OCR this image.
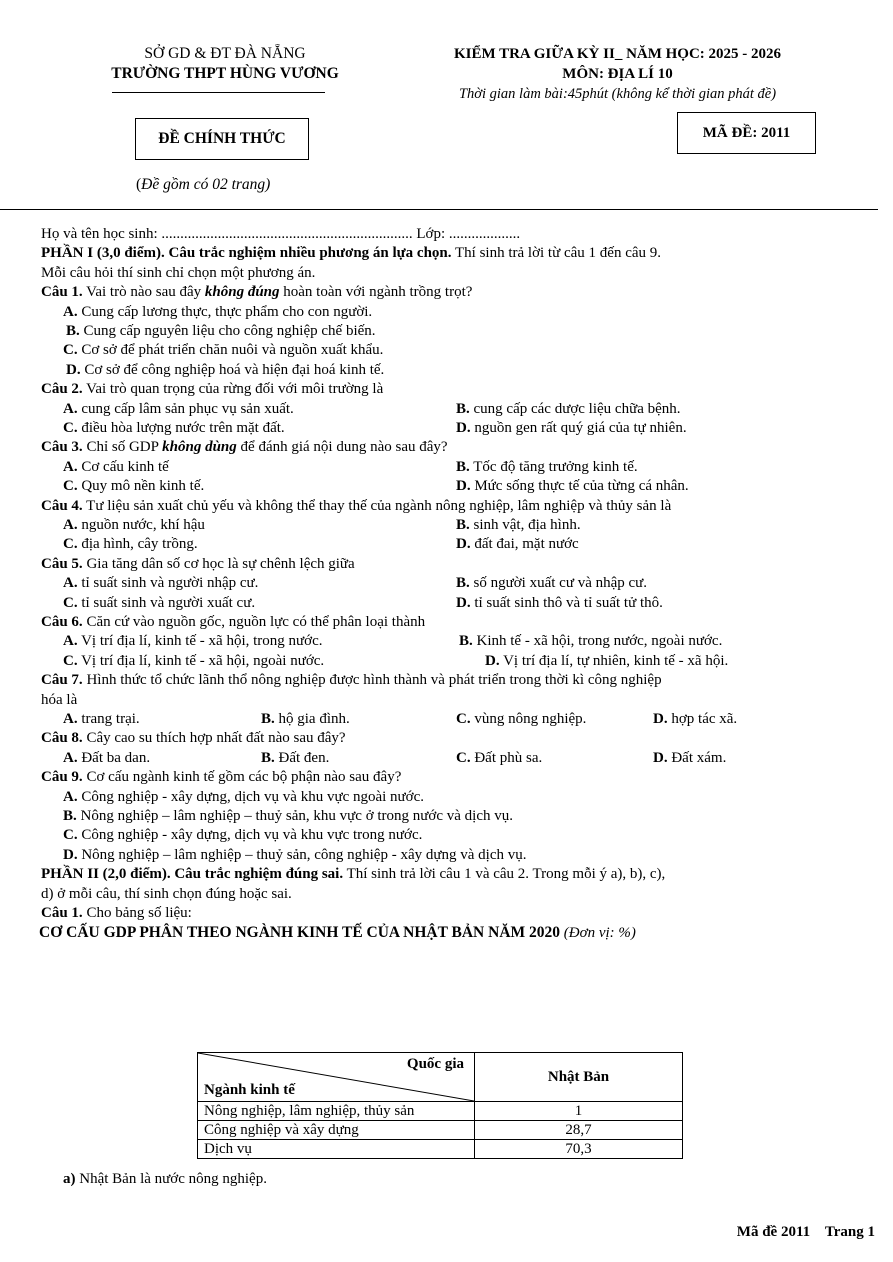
SỞ GD & ĐT ĐÀ NẴNG
TRƯỜNG THPT HÙNG VƯƠNG
KIỂM TRA GIỮA KỲ II_ NĂM HỌC: 2025 - 2026
MÔN: ĐỊA LÍ 10
Thời gian làm bài:45phút (không kể thời gian phát đề)
ĐỀ CHÍNH THỨC	MÃ ĐỀ: 2011
(Đề gồm có 02 trang)
Họ và tên học sinh: ................................................................... Lớp: ...................
PHẦN I (3,0 điểm). Câu trắc nghiệm nhiều phương án lựa chọn. Thí sinh trả lời từ câu 1 đến câu 9.
Mỗi câu hỏi thí sinh chỉ chọn một phương án.
Câu 1. Vai trò nào sau đây không đúng hoàn toàn với ngành trồng trọt?
A. Cung cấp lương thực, thực phẩm cho con người.
B. Cung cấp nguyên liệu cho công nghiệp chế biến.
C. Cơ sở để phát triển chăn nuôi và nguồn xuất khẩu.
D. Cơ sở để công nghiệp hoá và hiện đại hoá kinh tế.
Câu 2. Vai trò quan trọng của rừng đối với môi trường là
A. cung cấp lâm sản phục vụ sản xuất.	B. cung cấp các dược liệu chữa bệnh.
C. điều hòa lượng nước trên mặt đất.	D. nguồn gen rất quý giá của tự nhiên.
Câu 3. Chỉ số GDP không dùng để đánh giá nội dung nào sau đây?
A. Cơ cấu kinh tế	B. Tốc độ tăng trưởng kinh tế.
C. Quy mô nền kinh tế.	D. Mức sống thực tế của từng cá nhân.
Câu 4. Tư liệu sản xuất chủ yếu và không thể thay thế của ngành nông nghiệp, lâm nghiệp và thủy sản là
A. nguồn nước, khí hậu	B. sinh vật, địa hình.
C. địa hình, cây trồng.	D. đất đai, mặt nước
Câu 5. Gia tăng dân số cơ học là sự chênh lệch giữa
A. tỉ suất sinh và người nhập cư.	B. số người xuất cư và nhập cư.
C. tỉ suất sinh và người xuất cư.	D. tỉ suất sinh thô và tỉ suất tử thô.
Câu 6. Căn cứ vào nguồn gốc, nguồn lực có thể phân loại thành
A. Vị trí địa lí, kinh tế - xã hội, trong nước.	B. Kinh tế - xã hội, trong nước, ngoài nước.
C. Vị trí địa lí, kinh tế - xã hội, ngoài nước.	D. Vị trí địa lí, tự nhiên, kinh tế - xã hội.
Câu 7. Hình thức tổ chức lãnh thổ nông nghiệp được hình thành và phát triển trong thời kì công nghiệp
hóa là
A. trang trại.	B. hộ gia đình.	C. vùng nông nghiệp.	D. hợp tác xã.
Câu 8. Cây cao su thích hợp nhất đất nào sau đây?
A. Đất ba dan.	B. Đất đen.	C. Đất phù sa.	D. Đất xám.
Câu 9. Cơ cấu ngành kinh tế gồm các bộ phận nào sau đây?
A. Công nghiệp - xây dựng, dịch vụ và khu vực ngoài nước.
B. Nông nghiệp – lâm nghiệp – thuỷ sản, khu vực ở trong nước và dịch vụ.
C. Công nghiệp - xây dựng, dịch vụ và khu vực trong nước.
D. Nông nghiệp – lâm nghiệp – thuỷ sản, công nghiệp - xây dựng và dịch vụ.
PHẦN II (2,0 điểm). Câu trắc nghiệm đúng sai. Thí sinh trả lời câu 1 và câu 2. Trong mỗi ý a), b), c),
d) ở mỗi câu, thí sinh chọn đúng hoặc sai.
Câu 1. Cho bảng số liệu:
CƠ CẤU GDP PHÂN THEO NGÀNH KINH TẾ CỦA NHẬT BẢN NĂM 2020 (Đơn vị: %)
Quốc gia
Ngành kinh tế	Nhật Bản
Nông nghiệp, lâm nghiệp, thủy sản	1
Công nghiệp và xây dựng	28,7
Dịch vụ	70,3
a) Nhật Bản là nước nông nghiệp.
Mã đề 2011    Trang 1
